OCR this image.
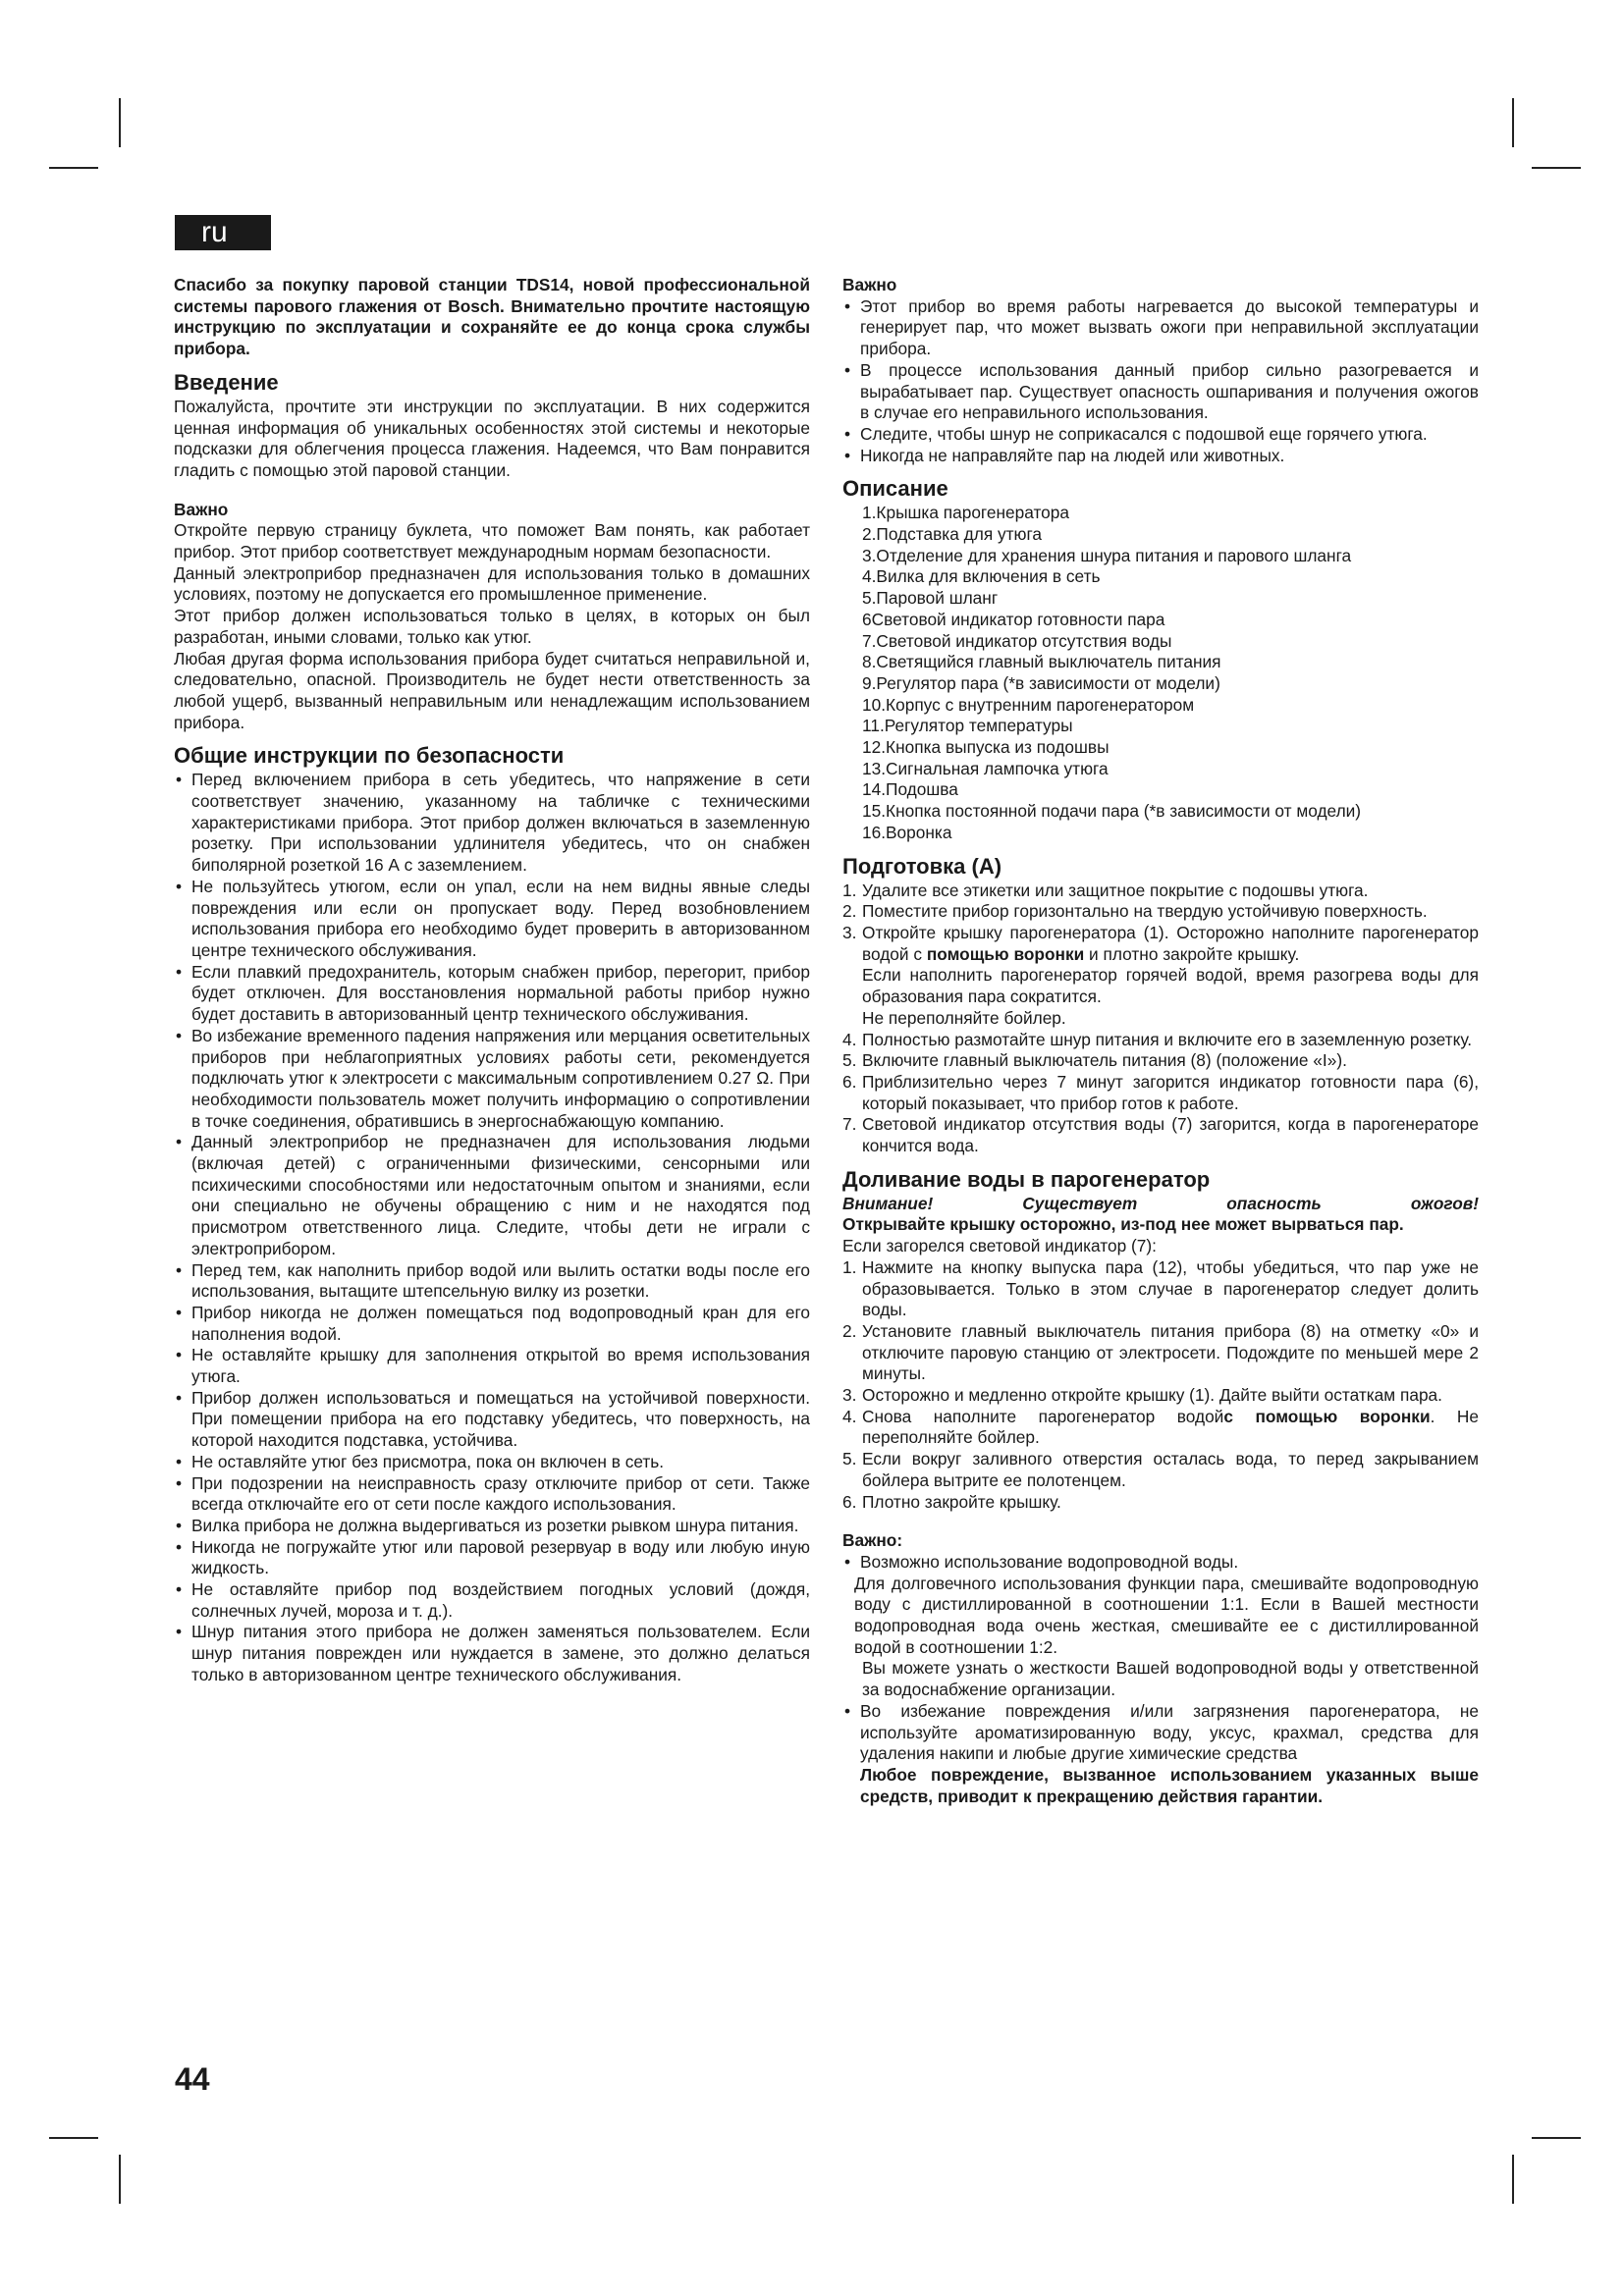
ru

Спасибо за покупку паровой станции TDS14, новой профессиональной системы парового глажения от Bosch. Внимательно прочтите настоящую инструкцию по эксплуатации и сохраняйте ее до конца срока службы прибора.

Введение

Пожалуйста, прочтите эти инструкции по эксплуатации. В них содержится ценная информация об уникальных особенностях этой системы и некоторые подсказки для облегчения процесса глажения. Надеемся, что Вам понравится гладить с помощью этой паровой станции.

Важно

Откройте первую страницу буклета, что поможет Вам понять, как работает прибор. Этот прибор соответствует международным нормам безопасности.

Данный электроприбор предназначен для использования только в домашних условиях, поэтому не допускается его промышленное применение.

Этот прибор должен использоваться только в целях, в которых он был разработан, иными словами, только как утюг.

Любая другая форма использования прибора будет считаться неправильной и, следовательно, опасной. Производитель не будет нести ответственность за любой ущерб, вызванный неправильным или ненадлежащим использованием прибора.

Общие инструкции по безопасности
• Перед включением прибора в сеть убедитесь, что напряжение в сети соответствует значению, указанному на табличке с техническими характеристиками прибора. Этот прибор должен включаться в заземленную розетку. При использовании удлинителя убедитесь, что он снабжен биполярной розеткой 16 А с заземлением.
• Не пользуйтесь утюгом, если он упал, если на нем видны явные следы повреждения или если он пропускает воду. Перед возобновлением использования прибора его необходимо будет проверить в авторизованном центре технического обслуживания.
• Если плавкий предохранитель, которым снабжен прибор, перегорит, прибор будет отключен. Для восстановления нормальной работы прибор нужно будет доставить в авторизованный центр технического обслуживания.
• Во избежание временного падения напряжения или мерцания осветительных приборов при неблагоприятных условиях работы сети, рекомендуется подключать утюг к электросети с максимальным сопротивлением 0.27 Ω. При необходимости пользователь может получить информацию о сопротивлении в точке соединения, обратившись в энергоснабжающую компанию.
• Данный электроприбор не предназначен для использования людьми (включая детей) с ограниченными физическими, сенсорными или психическими способностями или недостаточным опытом и знаниями, если они специально не обучены обращению с ним и не находятся под присмотром ответственного лица. Следите, чтобы дети не играли с электроприбором.
• Перед тем, как наполнить прибор водой или вылить остатки воды после его использования, вытащите штепсельную вилку из розетки.
• Прибор никогда не должен помещаться под водопроводный кран для его наполнения водой.
• Не оставляйте крышку для заполнения открытой во время использования утюга.
• Прибор должен использоваться и помещаться на устойчивой поверхности. При помещении прибора на его подставку убедитесь, что поверхность, на которой находится подставка, устойчива.
• Не оставляйте утюг без присмотра, пока он включен в сеть.
• При подозрении на неисправность сразу отключите прибор от сети. Также всегда отключайте его от сети после каждого использования.
• Вилка прибора не должна выдергиваться из розетки рывком шнура питания.
• Никогда не погружайте утюг или паровой резервуар в воду или любую иную жидкость.
• Не оставляйте прибор под воздействием погодных условий (дождя, солнечных лучей, мороза и т. д.).
• Шнур питания этого прибора не должен заменяться пользователем. Если шнур питания поврежден или нуждается в замене, это должно делаться только в авторизованном центре технического обслуживания.
Важно
• Этот прибор во время работы нагревается до высокой температуры и генерирует пар, что может вызвать ожоги при неправильной эксплуатации прибора.
• В процессе использования данный прибор сильно разогревается и вырабатывает пар. Существует опасность ошпаривания и получения ожогов в случае его неправильного использования.
• Следите, чтобы шнур не соприкасался с подошвой еще горячего утюга.
• Никогда не направляйте пар на людей или животных.
Описание
1.Крышка парогенератора
2.Подставка для утюга
3.Отделение для хранения шнура питания и парового шланга
4.Вилка для включения в сеть
5.Паровой шланг
6Световой индикатор готовности пара
7.Световой индикатор отсутствия воды
8.Светящийся главный выключатель питания
9.Регулятор пара (*в зависимости от модели)
10.Корпус с внутренним парогенератором
11.Регулятор температуры
12.Кнопка выпуска из подошвы
13.Сигнальная лампочка утюга
14.Подошва
15.Кнопка постоянной подачи пара (*в зависимости от модели)
16.Воронка
Подготовка (А)
1. Удалите все этикетки или защитное покрытие с подошвы утюга.
2. Поместите прибор горизонтально на твердую устойчивую поверхность.
3. Откройте крышку парогенератора (1). Осторожно наполните парогенератор водой с помощью воронки и плотно закройте крышку.
Если наполнить парогенератор горячей водой, время разогрева воды для образования пара сократится.
Не переполняйте бойлер.
4. Полностью размотайте шнур питания и включите его в заземленную розетку.
5. Включите главный выключатель питания (8) (положение «I»).
6. Приблизительно через 7 минут загорится индикатор готовности пара (6), который показывает, что прибор готов к работе.
7. Световой индикатор отсутствия воды (7) загорится, когда в парогенераторе кончится вода.
Доливание воды в парогенератор
Внимание!	Существует	опасность	ожогов!

Открывайте крышку осторожно, из-под нее может вырваться пар.

Если загорелся световой индикатор (7):

1. Нажмите на кнопку выпуска пара (12), чтобы убедиться, что пар уже не образовывается. Только в этом случае в парогенератор следует долить воды.
2. Установите главный выключатель питания прибора (8) на отметку «0» и отключите паровую станцию от электросети. Подождите по меньшей мере 2 минуты.
3. Осторожно и медленно откройте крышку (1). Дайте выйти остаткам пара.
4. Снова наполните парогенератор водойс помощью воронки. Не переполняйте бойлер.
5. Если вокруг заливного отверстия осталась вода, то перед закрыванием бойлера вытрите ее полотенцем.
6. Плотно закройте крышку.
Важно:
• Возможно использование водопроводной воды.

Для долговечного использования функции пара, смешивайте водопроводную воду с дистиллированной в соотношении 1:1. Если в Вашей местности водопроводная вода очень жесткая, смешивайте ее с дистиллированной водой в соотношении 1:2.

Вы можете узнать о жесткости Вашей водопроводной воды у ответственной за водоснабжение организации.

• Во избежание повреждения и/или загрязнения парогенератора, не используйте ароматизированную воду, уксус, крахмал, средства для удаления накипи и любые другие химические средства
Любое повреждение, вызванное использованием указанных выше средств, приводит к прекращению действия гарантии.
44
